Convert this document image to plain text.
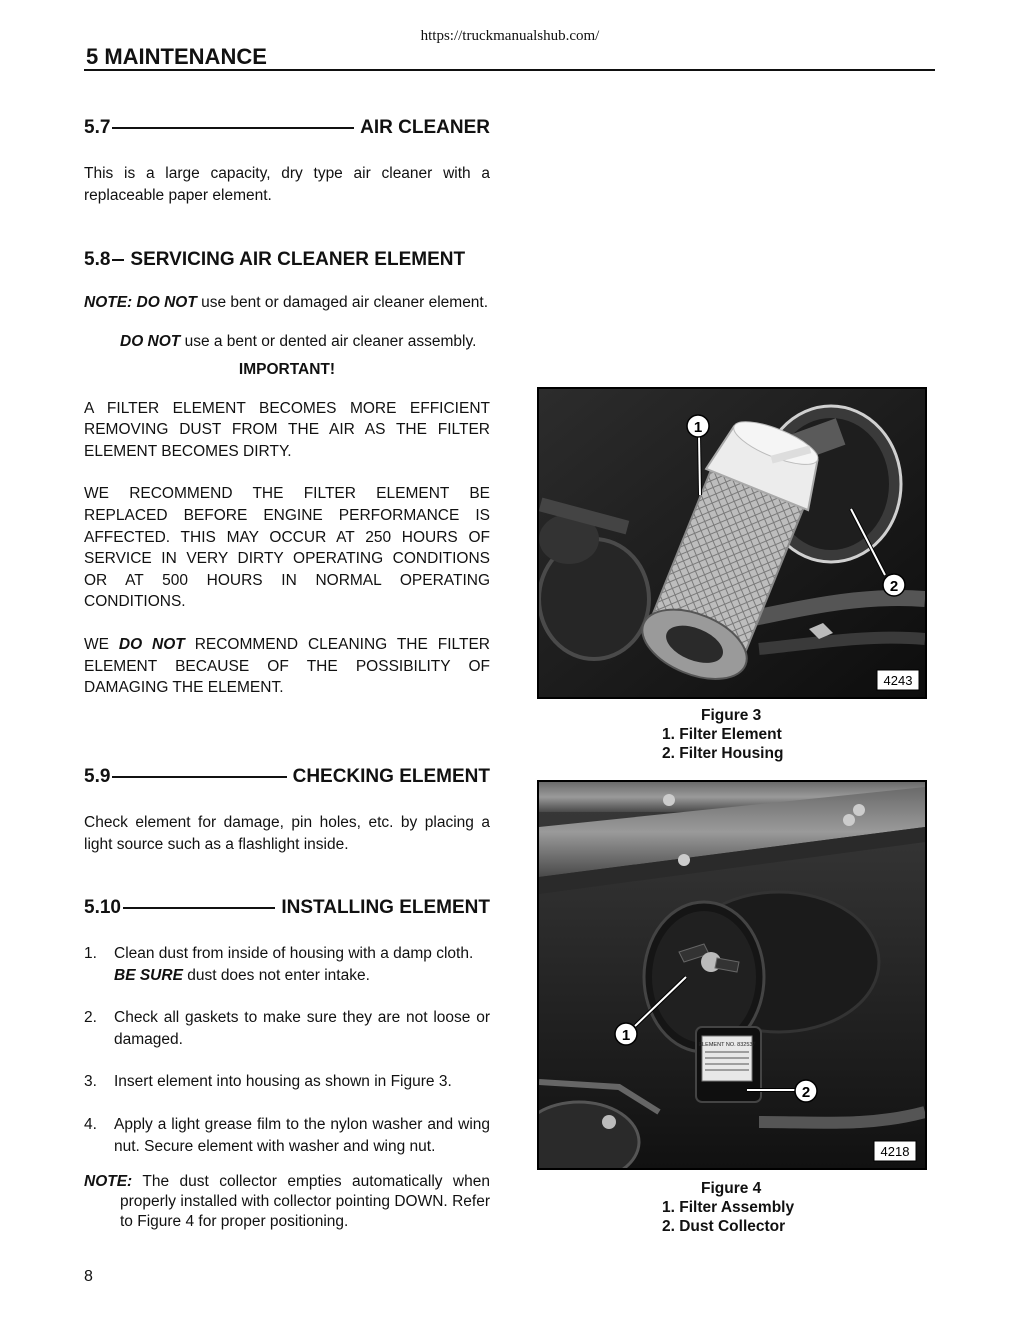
https://truckmanualshub.com/
5 MAINTENANCE
5.7	AIR CLEANER
This is a large capacity, dry type air cleaner with a replaceable paper element.
5.8 SERVICING AIR CLEANER ELEMENT
NOTE: DO NOT use bent or damaged air cleaner element.
DO NOT use a bent or dented air cleaner assembly.
IMPORTANT!
A FILTER ELEMENT BECOMES MORE EFFICIENT REMOVING DUST FROM THE AIR AS THE FILTER ELEMENT BECOMES DIRTY.
WE RECOMMEND THE FILTER ELEMENT BE REPLACED BEFORE ENGINE PERFORMANCE IS AFFECTED. THIS MAY OCCUR AT 250 HOURS OF SERVICE IN VERY DIRTY OPERATING CONDITIONS OR AT 500 HOURS IN NORMAL OPERATING CONDITIONS.
WE DO NOT RECOMMEND CLEANING THE FILTER ELEMENT BECAUSE OF THE POSSIBILITY OF DAMAGING THE ELEMENT.
5.9	CHECKING ELEMENT
Check element for damage, pin holes, etc. by placing a light source such as a flashlight inside.
5.10	INSTALLING ELEMENT
1.	Clean dust from inside of housing with a damp cloth.
BE SURE dust does not enter intake.
2.	Check all gaskets to make sure they are not loose or damaged.
3.	Insert element into housing as shown in Figure 3.
4.	Apply a light grease film to the nylon washer and wing nut. Secure element with washer and wing nut.
NOTE: The dust collector empties automatically when properly installed with collector pointing DOWN. Refer to Figure 4 for proper positioning.
1
2
4243
Figure 3
1. Filter Element
2. Filter Housing
ELEMENT NO. 832537
1
2
4218
Figure 4
1. Filter Assembly
2. Dust Collector
8
